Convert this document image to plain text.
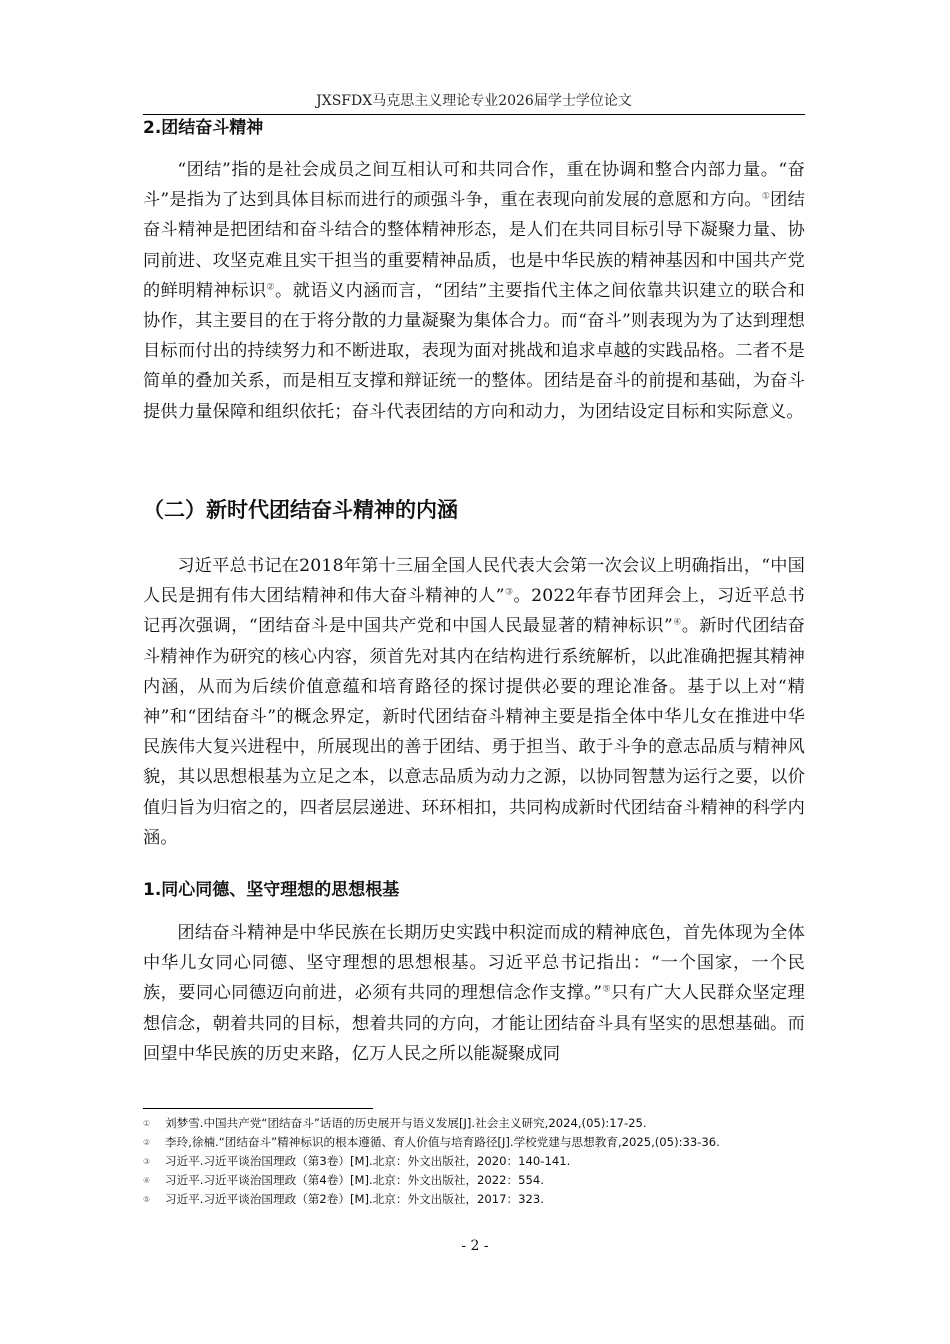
JXSFDX马克思主义理论专业2026届学士学位论文
2.团结奋斗精神

“团结”指的是社会成员之间互相认可和共同合作，重在协调和整合内部力量。“奋斗”是指为了达到具体目标而进行的顽强斗争，重在表现向前发展的意愿和方向。①团结奋斗精神是把团结和奋斗结合的整体精神形态，是人们在共同目标引导下凝聚力量、协同前进、攻坚克难且实干担当的重要精神品质，也是中华民族的精神基因和中国共产党的鲜明精神标识②。就语义内涵而言，“团结”主要指代主体之间依靠共识建立的联合和协作，其主要目的在于将分散的力量凝聚为集体合力。而“奋斗”则表现为为了达到理想目标而付出的持续努力和不断进取，表现为面对挑战和追求卓越的实践品格。二者不是简单的叠加关系，而是相互支撑和辩证统一的整体。团结是奋斗的前提和基础，为奋斗提供力量保障和组织依托；奋斗代表团结的方向和动力，为团结设定目标和实际意义。

（二）新时代团结奋斗精神的内涵

习近平总书记在2018年第十三届全国人民代表大会第一次会议上明确指出，“中国人民是拥有伟大团结精神和伟大奋斗精神的人”③。2022年春节团拜会上，习近平总书记再次强调，“团结奋斗是中国共产党和中国人民最显著的精神标识”④。新时代团结奋斗精神作为研究的核心内容，须首先对其内在结构进行系统解析，以此准确把握其精神内涵，从而为后续价值意蕴和培育路径的探讨提供必要的理论准备。基于以上对“精神”和“团结奋斗”的概念界定，新时代团结奋斗精神主要是指全体中华儿女在推进中华民族伟大复兴进程中，所展现出的善于团结、勇于担当、敢于斗争的意志品质与精神风貌，其以思想根基为立足之本，以意志品质为动力之源，以协同智慧为运行之要，以价值归旨为归宿之的，四者层层递进、环环相扣，共同构成新时代团结奋斗精神的科学内涵。

1.同心同德、坚守理想的思想根基

团结奋斗精神是中华民族在长期历史实践中积淀而成的精神底色，首先体现为全体中华儿女同心同德、坚守理想的思想根基。习近平总书记指出：“一个国家，一个民族，要同心同德迈向前进，必须有共同的理想信念作支撑。”⑤只有广大人民群众坚定理想信念，朝着共同的目标，想着共同的方向，才能让团结奋斗具有坚实的思想基础。而回望中华民族的历史来路，亿万人民之所以能凝聚成同

①	刘梦雪.中国共产党“团结奋斗”话语的历史展开与语义发展[J].社会主义研究,2024,(05):17-25.
②	李玲,徐楠.“团结奋斗”精神标识的根本遵循、育人价值与培育路径[J].学校党建与思想教育,2025,(05):33-36.
③	习近平.习近平谈治国理政（第3卷）[M].北京：外文出版社，2020：140-141.
④	习近平.习近平谈治国理政（第4卷）[M].北京：外文出版社，2022：554.
⑤	习近平.习近平谈治国理政（第2卷）[M].北京：外文出版社，2017：323.
- 2 -
